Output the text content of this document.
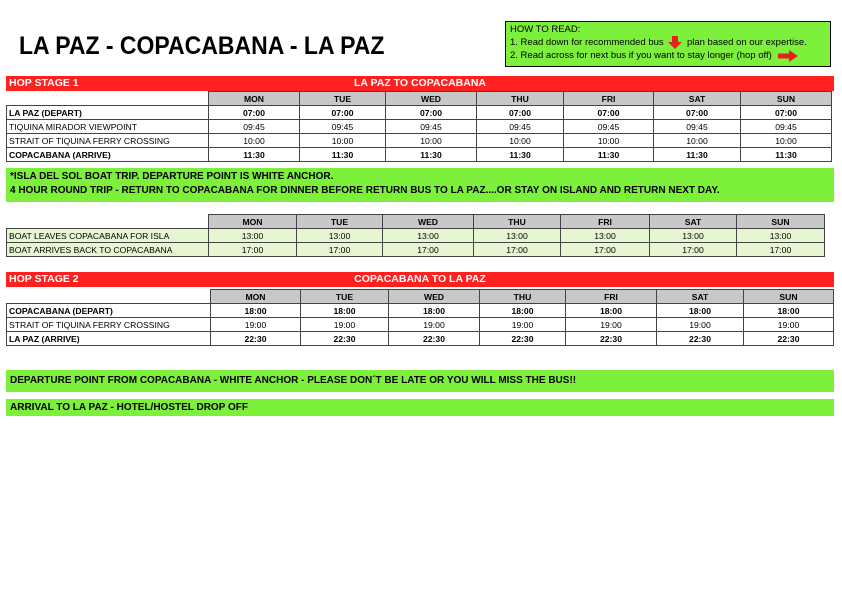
LA PAZ - COPACABANA - LA PAZ
HOW TO READ:
1. Read down for recommended bus plan based on our expertise.
2. Read across for next bus if you want to stay longer (hop off)
LA PAZ TO COPACABANA
HOP STAGE 1
	MON	TUE	WED	THU	FRI	SAT	SUN
LA PAZ (DEPART)	07:00	07:00	07:00	07:00	07:00	07:00	07:00
TIQUINA MIRADOR VIEWPOINT	09:45	09:45	09:45	09:45	09:45	09:45	09:45
STRAIT OF TIQUINA FERRY CROSSING	10:00	10:00	10:00	10:00	10:00	10:00	10:00
COPACABANA (ARRIVE)	11:30	11:30	11:30	11:30	11:30	11:30	11:30
*ISLA DEL SOL BOAT TRIP. DEPARTURE POINT IS WHITE ANCHOR.
4 HOUR ROUND TRIP - RETURN TO COPACABANA FOR DINNER BEFORE RETURN BUS TO LA PAZ....OR STAY ON ISLAND AND RETURN NEXT DAY.
	MON	TUE	WED	THU	FRI	SAT	SUN
BOAT LEAVES COPACABANA FOR ISLA	13:00	13:00	13:00	13:00	13:00	13:00	13:00
BOAT ARRIVES BACK TO COPACABANA	17:00	17:00	17:00	17:00	17:00	17:00	17:00
COPACABANA TO LA PAZ
HOP STAGE 2
	MON	TUE	WED	THU	FRI	SAT	SUN
COPACABANA (DEPART)	18:00	18:00	18:00	18:00	18:00	18:00	18:00
STRAIT OF TIQUINA FERRY CROSSING	19:00	19:00	19:00	19:00	19:00	19:00	19:00
LA PAZ (ARRIVE)	22:30	22:30	22:30	22:30	22:30	22:30	22:30
DEPARTURE POINT FROM COPACABANA - WHITE ANCHOR - PLEASE DON´T BE LATE OR YOU WILL MISS THE BUS!!
ARRIVAL TO LA PAZ - HOTEL/HOSTEL DROP OFF
